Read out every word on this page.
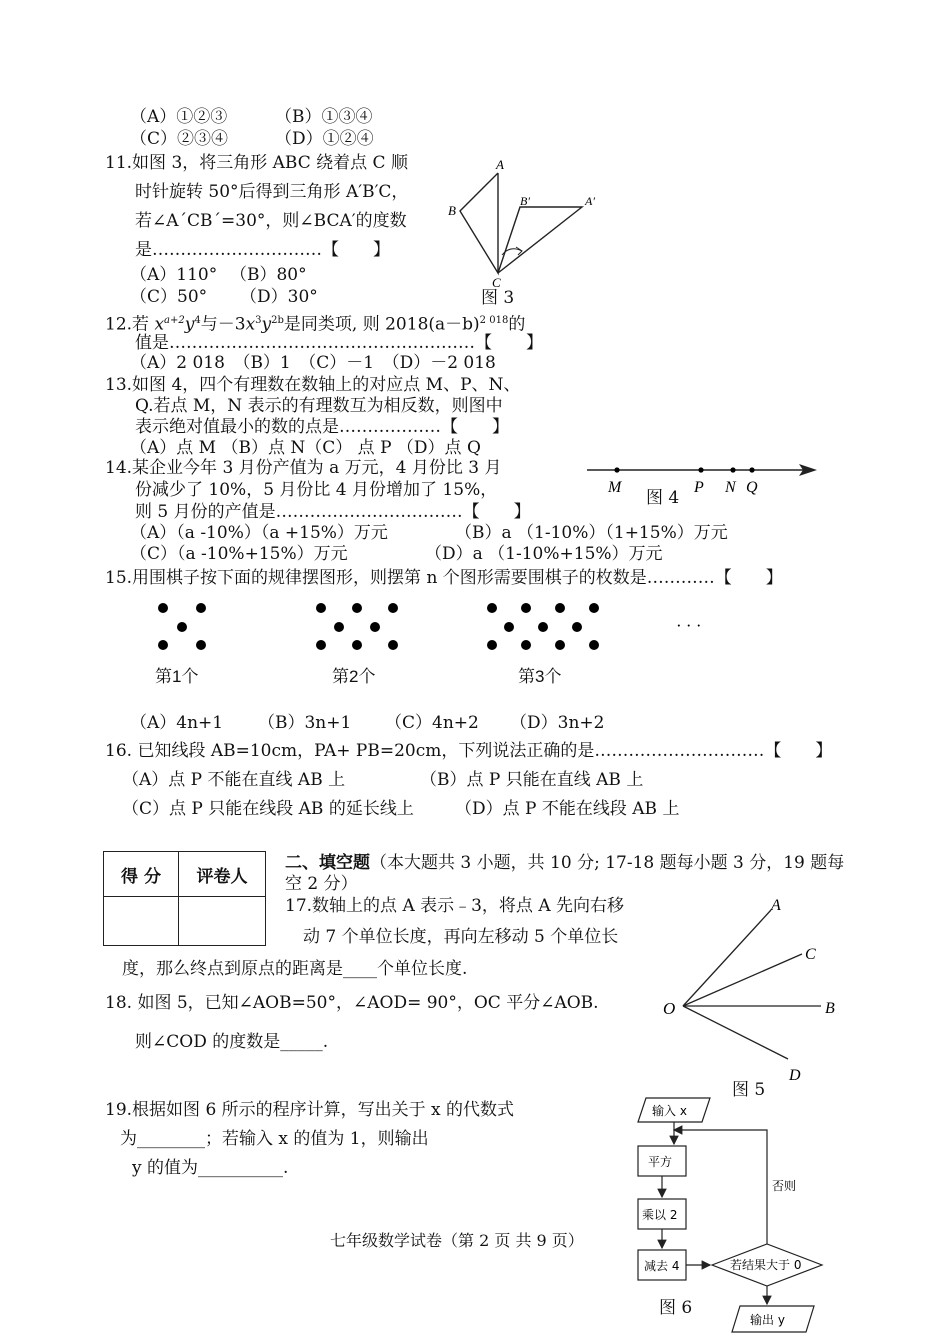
（A）①②③	（B）①③④
（C）②③④	（D）①②④
11.如图 3，将三角形 ABC 绕着点 C 顺
时针旋转 50°后得到三角形 A′B′C，
若∠A´CB´=30°，则∠BCA′的度数
是…………………………【　　】
（A）110° （B）80°
（C）50° （D）30°
A
B
C
B′	A′
图 3
12.若 $x^{a+2}y^4$与$-3x^3y^{2b}$是同类项, 则 $2018(a-b)^{2 018}$的
值是………………………………………………【　　】
（A）2 018　（B）1　（C）－1　（D）－2 018
13.如图 4，四个有理数在数轴上的对应点 M、P、N、
Q.若点 M，N 表示的有理数互为相反数，则图中
表示绝对值最小的数的点是………………【　　】
（A）点 M （B）点 N（C） 点 P （D）点 Q
14.某企业今年 3 月份产值为 a 万元，4 月份比 3 月
份减少了 10%，5 月份比 4 月份增加了 15%，
则 5 月份的产值是……………………………【　　】
（A）（a -10%）（a +15%）万元	（B）a （1-10%）（1+15%）万元
（C）（a -10%+15%）万元	（D）a （1-10%+15%）万元
M	P N Q
图 4
15.用围棋子按下面的规律摆图形，则摆第 n 个图形需要围棋子的枚数是…………【　　】
· · ·
第1个	第2个	第3个
（A）4n+1 （B）3n+1 （C）4n+2 （D）3n+2
16. 已知线段 AB=10cm，PA+ PB=20cm，下列说法正确的是…………………………【　　】
（A）点 P 不能在直线 AB 上	（B）点 P 只能在直线 AB 上
（C）点 P 只能在线段 AB 的延长线上 （D）点 P 不能在线段 AB 上
得 分	评卷人

二、填空题（本大题共 3 小题，共 10 分; 17-18 题每小题 3 分，19 题每
空 2 分）
17.数轴上的点 A 表示﹣3，将点 A 先向右移
动 7 个单位长度，再向左移动 5 个单位长
度，那么终点到原点的距离是____个单位长度.
O
A
C
B
D
图 5
18. 如图 5，已知∠AOB=50°，∠AOD= 90°，OC 平分∠AOB.
则∠COD 的度数是_____.
19.根据如图 6 所示的程序计算，写出关于 x 的代数式
为________；若输入 x 的值为 1，则输出
y 的值为__________.
输入 x
平方
乘以 2
减去 4	若结果大于 0
否则
输出 y
图 6
七年级数学试卷（第 2 页 共 9 页）
